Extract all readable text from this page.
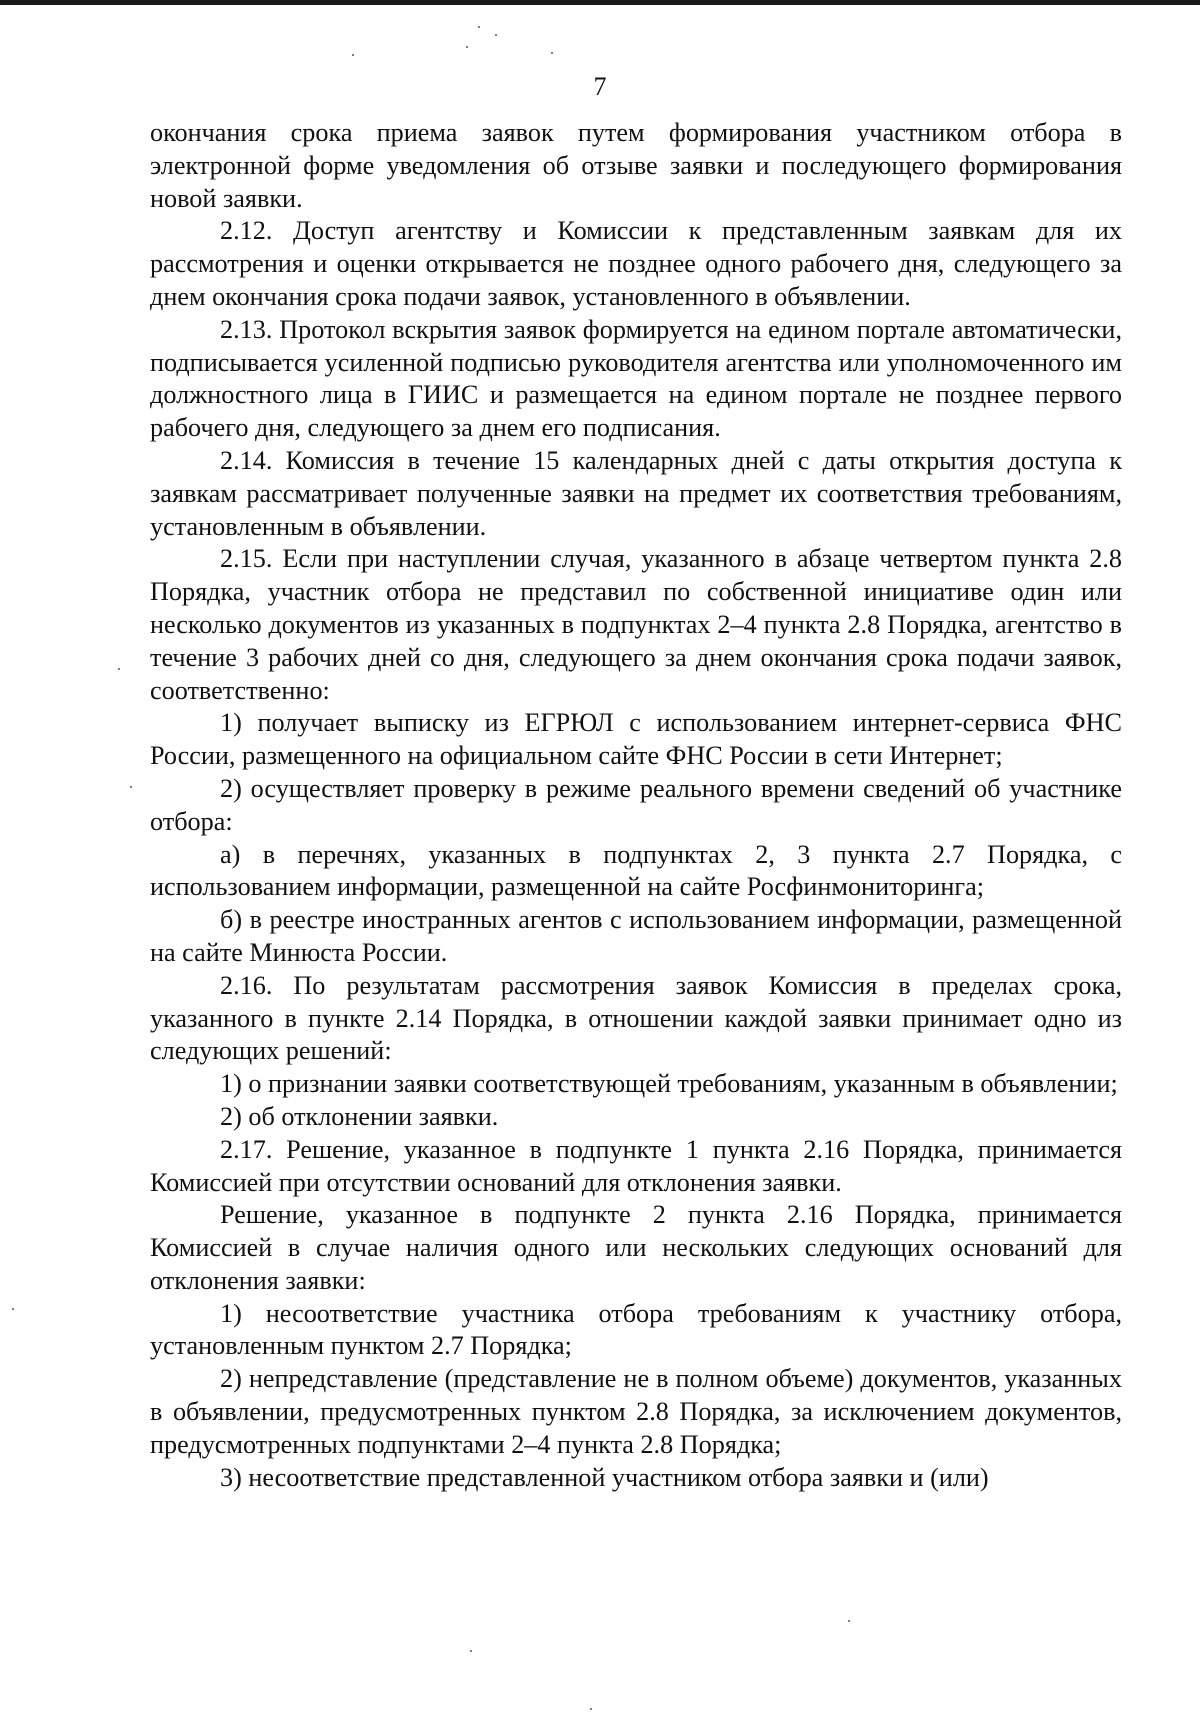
7

окончания срока приема заявок путем формирования участником отбора в электронной форме уведомления об отзыве заявки и последующего формирования новой заявки.

2.12. Доступ агентству и Комиссии к представленным заявкам для их рассмотрения и оценки открывается не позднее одного рабочего дня, следующего за днем окончания срока подачи заявок, установленного в объявлении.

2.13. Протокол вскрытия заявок формируется на едином портале автоматически, подписывается усиленной подписью руководителя агентства или уполномоченного им должностного лица в ГИИС и размещается на едином портале не позднее первого рабочего дня, следующего за днем его подписания.

2.14. Комиссия в течение 15 календарных дней с даты открытия доступа к заявкам рассматривает полученные заявки на предмет их соответствия требованиям, установленным в объявлении.

2.15. Если при наступлении случая, указанного в абзаце четвертом пункта 2.8 Порядка, участник отбора не представил по собственной инициативе один или несколько документов из указанных в подпунктах 2–4 пункта 2.8 Порядка, агентство в течение 3 рабочих дней со дня, следующего за днем окончания срока подачи заявок, соответственно:

1) получает выписку из ЕГРЮЛ с использованием интернет-сервиса ФНС России, размещенного на официальном сайте ФНС России в сети Интернет;

2) осуществляет проверку в режиме реального времени сведений об участнике отбора:

а) в перечнях, указанных в подпунктах 2, 3 пункта 2.7 Порядка, с использованием информации, размещенной на сайте Росфинмониторинга;

б) в реестре иностранных агентов с использованием информации, размещенной на сайте Минюста России.

2.16. По результатам рассмотрения заявок Комиссия в пределах срока, указанного в пункте 2.14 Порядка, в отношении каждой заявки принимает одно из следующих решений:

1) о признании заявки соответствующей требованиям, указанным в объявлении;

2) об отклонении заявки.

2.17. Решение, указанное в подпункте 1 пункта 2.16 Порядка, принимается Комиссией при отсутствии оснований для отклонения заявки.

Решение, указанное в подпункте 2 пункта 2.16 Порядка, принимается Комиссией в случае наличия одного или нескольких следующих оснований для отклонения заявки:

1) несоответствие участника отбора требованиям к участнику отбора, установленным пунктом 2.7 Порядка;

2) непредставление (представление не в полном объеме) документов, указанных в объявлении, предусмотренных пунктом 2.8 Порядка, за исключением документов, предусмотренных подпунктами 2–4 пункта 2.8 Порядка;

3) несоответствие представленной участником отбора заявки и (или)
